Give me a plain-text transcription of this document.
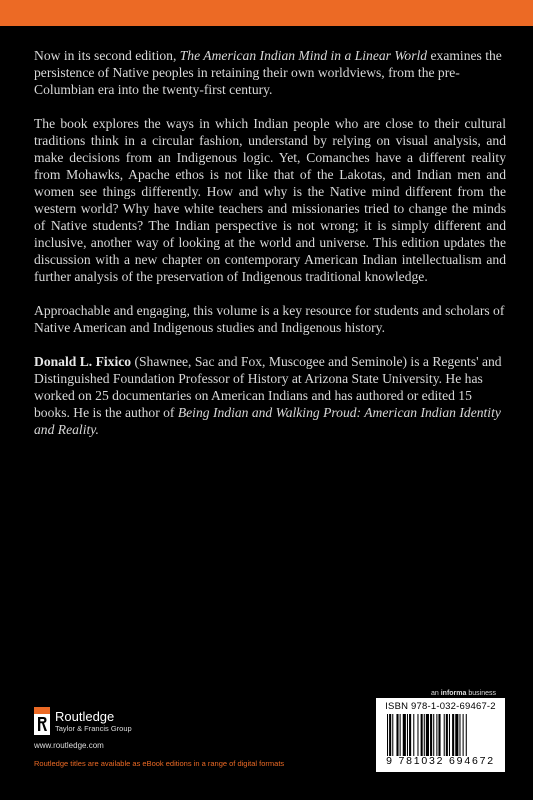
Now in its second edition, The American Indian Mind in a Linear World examines the persistence of Native peoples in retaining their own worldviews, from the pre-Columbian era into the twenty-first century.

The book explores the ways in which Indian people who are close to their cultural traditions think in a circular fashion, understand by relying on visual analysis, and make decisions from an Indigenous logic. Yet, Comanches have a different reality from Mohawks, Apache ethos is not like that of the Lakotas, and Indian men and women see things differently. How and why is the Native mind different from the western world? Why have white teachers and missionaries tried to change the minds of Native students? The Indian perspective is not wrong; it is simply different and inclusive, another way of looking at the world and universe. This edition updates the discussion with a new chapter on contemporary American Indian intellectualism and further analysis of the preservation of Indigenous traditional knowledge.

Approachable and engaging, this volume is a key resource for students and scholars of Native American and Indigenous studies and Indigenous history.

Donald L. Fixico (Shawnee, Sac and Fox, Muscogee and Seminole) is a Regents' and Distinguished Foundation Professor of History at Arizona State University. He has worked on 25 documentaries on American Indians and has authored or edited 15 books. He is the author of Being Indian and Walking Proud: American Indian Identity and Reality.

an informa business
Routledge
Taylor & Francis Group
www.routledge.com
Routledge titles are available as eBook editions in a range of digital formats
ISBN 978-1-032-69467-2
9 781032 694672
